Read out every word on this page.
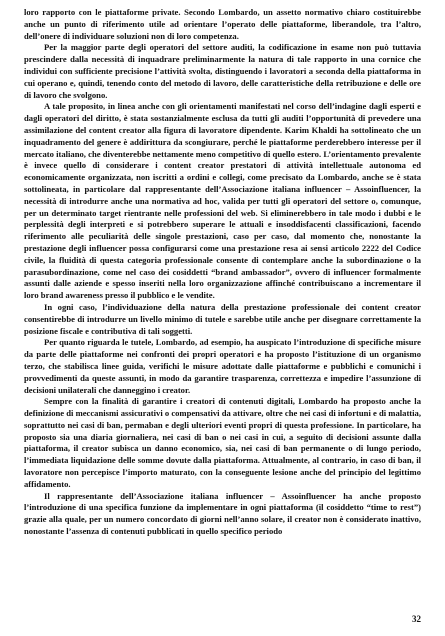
loro rapporto con le piattaforme private. Secondo Lombardo, un assetto normativo chiaro costituirebbe anche un punto di riferimento utile ad orientare l’operato delle piattaforme, liberandole, tra l’altro, dell’onere di individuare soluzioni non di loro competenza.

Per la maggior parte degli operatori del settore auditi, la codificazione in esame non può tuttavia prescindere dalla necessità di inquadrare preliminarmente la natura di tale rapporto in una cornice che individui con sufficiente precisione l’attività svolta, distinguendo i lavoratori a seconda della piattaforma in cui operano e, quindi, tenendo conto del metodo di lavoro, delle caratteristiche della retribuzione e delle ore di lavoro che svolgono.

A tale proposito, in linea anche con gli orientamenti manifestati nel corso dell’indagine dagli esperti e dagli operatori del diritto, è stata sostanzialmente esclusa da tutti gli auditi l’opportunità di prevedere una assimilazione del content creator alla figura di lavoratore dipendente. Karim Khaldi ha sottolineato che un inquadramento del genere è addirittura da scongiurare, perché le piattaforme perderebbero interesse per il mercato italiano, che diventerebbe nettamente meno competitivo di quello estero. L’orientamento prevalente è invece quello di considerare i content creator prestatori di attività intellettuale autonoma ed economicamente organizzata, non iscritti a ordini e collegi, come precisato da Lombardo, anche se è stata sottolineata, in particolare dal rappresentante dell’Associazione italiana influencer – Assoinfluencer, la necessità di introdurre anche una normativa ad hoc, valida per tutti gli operatori del settore o, comunque, per un determinato target rientrante nelle professioni del web. Si eliminerebbero in tale modo i dubbi e le perplessità degli interpreti e si potrebbero superare le attuali e insoddisfacenti classificazioni, facendo riferimento alle peculiarità delle singole prestazioni, caso per caso, dal momento che, nonostante la prestazione degli influencer possa configurarsi come una prestazione resa ai sensi articolo 2222 del Codice civile, la fluidità di questa categoria professionale consente di contemplare anche la subordinazione o la parasubordinazione, come nel caso dei cosiddetti “brand ambassador”, ovvero di influencer formalmente assunti dalle aziende e spesso inseriti nella loro organizzazione affinché contribuiscano a incrementare il loro brand awareness presso il pubblico e le vendite.

In ogni caso, l’individuazione della natura della prestazione professionale dei content creator consentirebbe di introdurre un livello minimo di tutele e sarebbe utile anche per disegnare correttamente la posizione fiscale e contributiva di tali soggetti.

Per quanto riguarda le tutele, Lombardo, ad esempio, ha auspicato l’introduzione di specifiche misure da parte delle piattaforme nei confronti dei propri operatori e ha proposto l’istituzione di un organismo terzo, che stabilisca linee guida, verifichi le misure adottate dalle piattaforme e pubblichi e comunichi i provvedimenti da queste assunti, in modo da garantire trasparenza, correttezza e impedire l’assunzione di decisioni unilaterali che danneggino i creator.

Sempre con la finalità di garantire i creatori di contenuti digitali, Lombardo ha proposto anche la definizione di meccanismi assicurativi o compensativi da attivare, oltre che nei casi di infortuni e di malattia, soprattutto nei casi di ban, permaban e degli ulteriori eventi propri di questa professione. In particolare, ha proposto sia una diaria giornaliera, nei casi di ban o nei casi in cui, a seguito di decisioni assunte dalla piattaforma, il creator subisca un danno economico, sia, nei casi di ban permanente o di lungo periodo, l’immediata liquidazione delle somme dovute dalla piattaforma. Attualmente, al contrario, in caso di ban, il lavoratore non percepisce l’importo maturato, con la conseguente lesione anche del principio del legittimo affidamento.

Il rappresentante dell’Associazione italiana influencer – Assoinfluencer ha anche proposto l’introduzione di una specifica funzione da implementare in ogni piattaforma (il cosiddetto “time to rest”) grazie alla quale, per un numero concordato di giorni nell’anno solare, il creator non è considerato inattivo, nonostante l’assenza di contenuti pubblicati in quello specifico periodo

32
